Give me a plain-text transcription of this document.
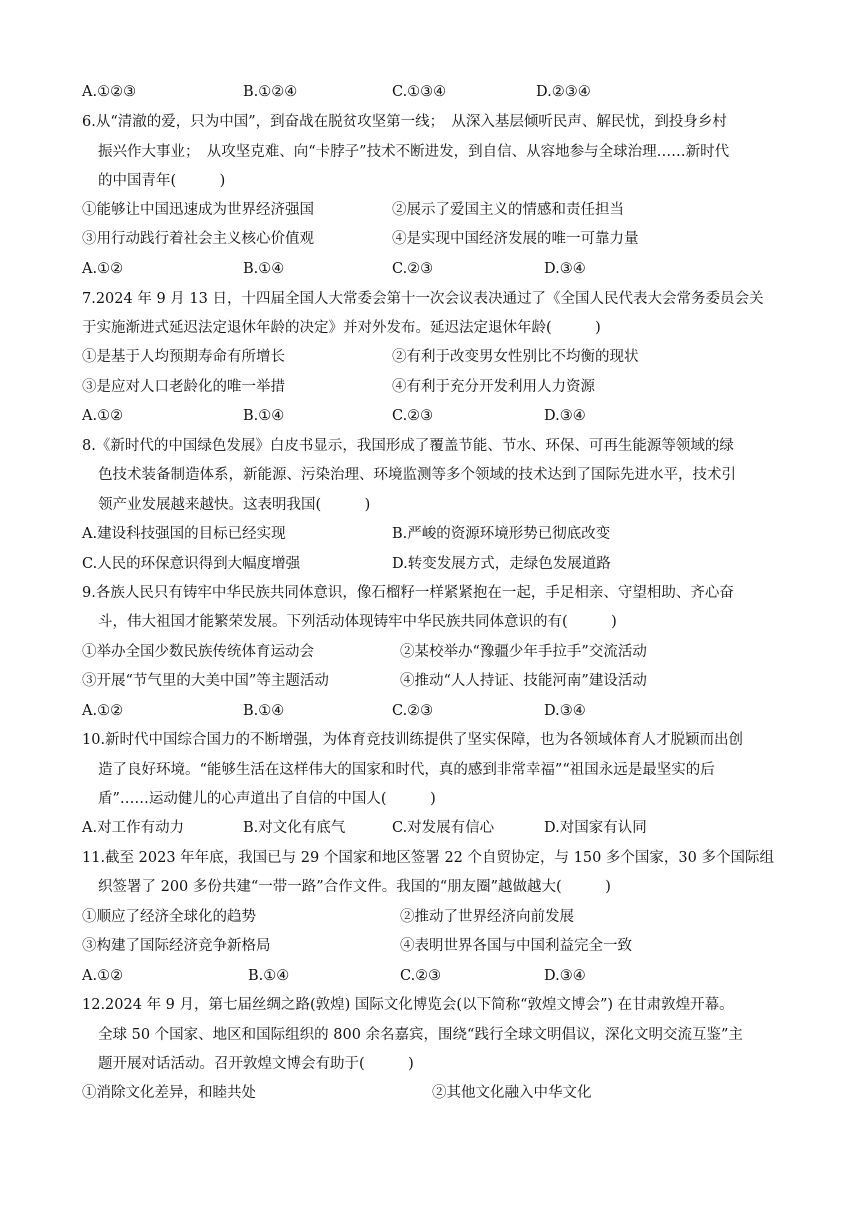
A.①②③	B.①②④	C.①③④	D.②③④
6.从“清澈的爱，只为中国”，到奋战在脱贫攻坚第一线；　从深入基层倾听民声、解民忧，到投身乡村
振兴作大事业；　从攻坚克难、向“卡脖子”技术不断进发，到自信、从容地参与全球治理……新时代
的中国青年(　　　)
①能够让中国迅速成为世界经济强国	②展示了爱国主义的情感和责任担当
③用行动践行着社会主义核心价值观	④是实现中国经济发展的唯一可靠力量
A.①②	B.①④	C.②③	D.③④
7.2024 年 9 月 13 日，十四届全国人大常委会第十一次会议表决通过了《全国人民代表大会常务委员会关
于实施渐进式延迟法定退休年龄的决定》并对外发布。延迟法定退休年龄(　　　)
①是基于人均预期寿命有所增长	②有利于改变男女性别比不均衡的现状
③是应对人口老龄化的唯一举措	④有利于充分开发利用人力资源
A.①②	B.①④	C.②③	D.③④
8.《新时代的中国绿色发展》白皮书显示，我国形成了覆盖节能、节水、环保、可再生能源等领域的绿
色技术装备制造体系，新能源、污染治理、环境监测等多个领域的技术达到了国际先进水平，技术引
领产业发展越来越快。这表明我国(　　　)
A.建设科技强国的目标已经实现	B.严峻的资源环境形势已彻底改变
C.人民的环保意识得到大幅度增强	D.转变发展方式，走绿色发展道路
9.各族人民只有铸牢中华民族共同体意识，像石榴籽一样紧紧抱在一起，手足相亲、守望相助、齐心奋
斗，伟大祖国才能繁荣发展。下列活动体现铸牢中华民族共同体意识的有(　　　)
①举办全国少数民族传统体育运动会	②某校举办“豫疆少年手拉手”交流活动
③开展“节气里的大美中国”等主题活动	④推动“人人持证、技能河南”建设活动
A.①②	B.①④	C.②③	D.③④
10.新时代中国综合国力的不断增强，为体育竞技训练提供了坚实保障，也为各领域体育人才脱颖而出创
造了良好环境。“能够生活在这样伟大的国家和时代，真的感到非常幸福”“祖国永远是最坚实的后
盾”……运动健儿的心声道出了自信的中国人(　　　)
A.对工作有动力	B.对文化有底气	C.对发展有信心	D.对国家有认同
11.截至 2023 年年底，我国已与 29 个国家和地区签署 22 个自贸协定，与 150 多个国家，30 多个国际组
织签署了 200 多份共建“一带一路”合作文件。我国的“朋友圈”越做越大(　　　)
①顺应了经济全球化的趋势	②推动了世界经济向前发展
③构建了国际经济竞争新格局	④表明世界各国与中国利益完全一致
A.①②	B.①④	C.②③	D.③④
12.2024 年 9 月，第七届丝绸之路(敦煌) 国际文化博览会(以下简称“敦煌文博会”) 在甘肃敦煌开幕。
全球 50 个国家、地区和国际组织的 800 余名嘉宾，围绕“践行全球文明倡议，深化文明交流互鉴”主
题开展对话活动。召开敦煌文博会有助于(　　　)
①消除文化差异，和睦共处	②其他文化融入中华文化
